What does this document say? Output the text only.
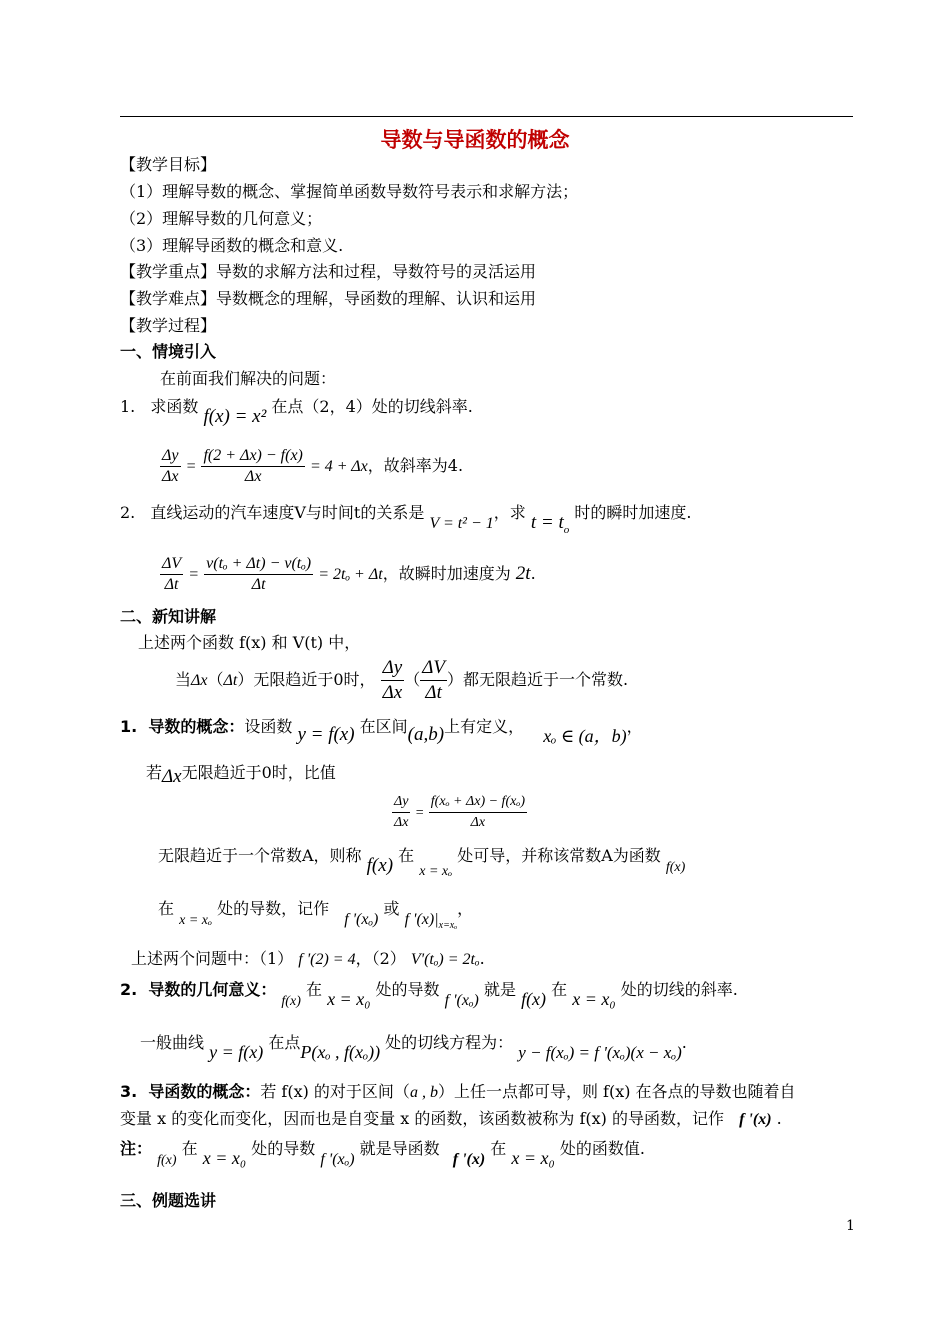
导数与导函数的概念
【教学目标】
（1）理解导数的概念、掌握简单函数导数符号表示和求解方法；
（2）理解导数的几何意义；
（3）理解导函数的概念和意义.
【教学重点】导数的求解方法和过程，导数符号的灵活运用
【教学难点】导数概念的理解，导函数的理解、认识和运用
【教学过程】
一、情境引入
在前面我们解决的问题：
1. 求函数 f(x) = x² 在点（2，4）处的切线斜率.
$\frac{\Delta y}{\Delta x} = \frac{f(2 + \Delta x) - f(x)}{\Delta x} = 4 + \Delta x$，故斜率为4.
2. 直线运动的汽车速度V与时间t的关系是 V = t² − 1，求 $t = t_o$ 时的瞬时加速度.
$\frac{\Delta V}{\Delta t} = \frac{\text{v(tₒ + Δt) − v(tₒ)}}{\Delta t} = 2t_o + \Delta t$，故瞬时加速度为 2t.
二、新知讲解
上述两个函数 f(x) 和 V(t) 中，
当Δx（Δt）无限趋近于0时， $\frac{\Delta y}{\Delta x}$ （ $\frac{\Delta V}{\Delta t}$ ）都无限趋近于一个常数.
1. 导数的概念：设函数 y = f(x) 在区间(a,b)上有定义， xₒ ∈ (a，b)，
若Δx无限趋近于0时，比值
$\frac{\Delta y}{\Delta x} = \frac{\text{f(xₒ + Δx) − f(xₒ)}}{\Delta x}$
无限趋近于一个常数A，则称 f(x) 在 x = xₒ 处可导，并称该常数A为函数 f(x)
在 x = xₒ 处的导数，记作 f '(xₒ) 或 f '$(x)|_{x=x_o}$，
上述两个问题中：（1） f '(2) = 4，（2） V'(tₒ) = 2tₒ.
2. 导数的几何意义： f(x) 在 x = x₀ 处的导数 f '(xₒ) 就是 f(x) 在 x = x₀ 处的切线的斜率.
一般曲线 y = f(x) 在点P(xₒ , f(xₒ)) 处的切线方程为： y − f(xₒ) = f '(xₒ)(x − xₒ).
3. 导函数的概念：若 f(x) 的对于区间（a , b）上任一点都可导，则 f(x) 在各点的导数也随着自
变量 x 的变化而变化，因而也是自变量 x 的函数，该函数被称为 f(x) 的导函数，记作 f '(x) .
注： f(x) 在 x = x₀ 处的导数 f '(xₒ) 就是导函数 f '(x) 在 x = x₀ 处的函数值.
三、例题选讲
1
